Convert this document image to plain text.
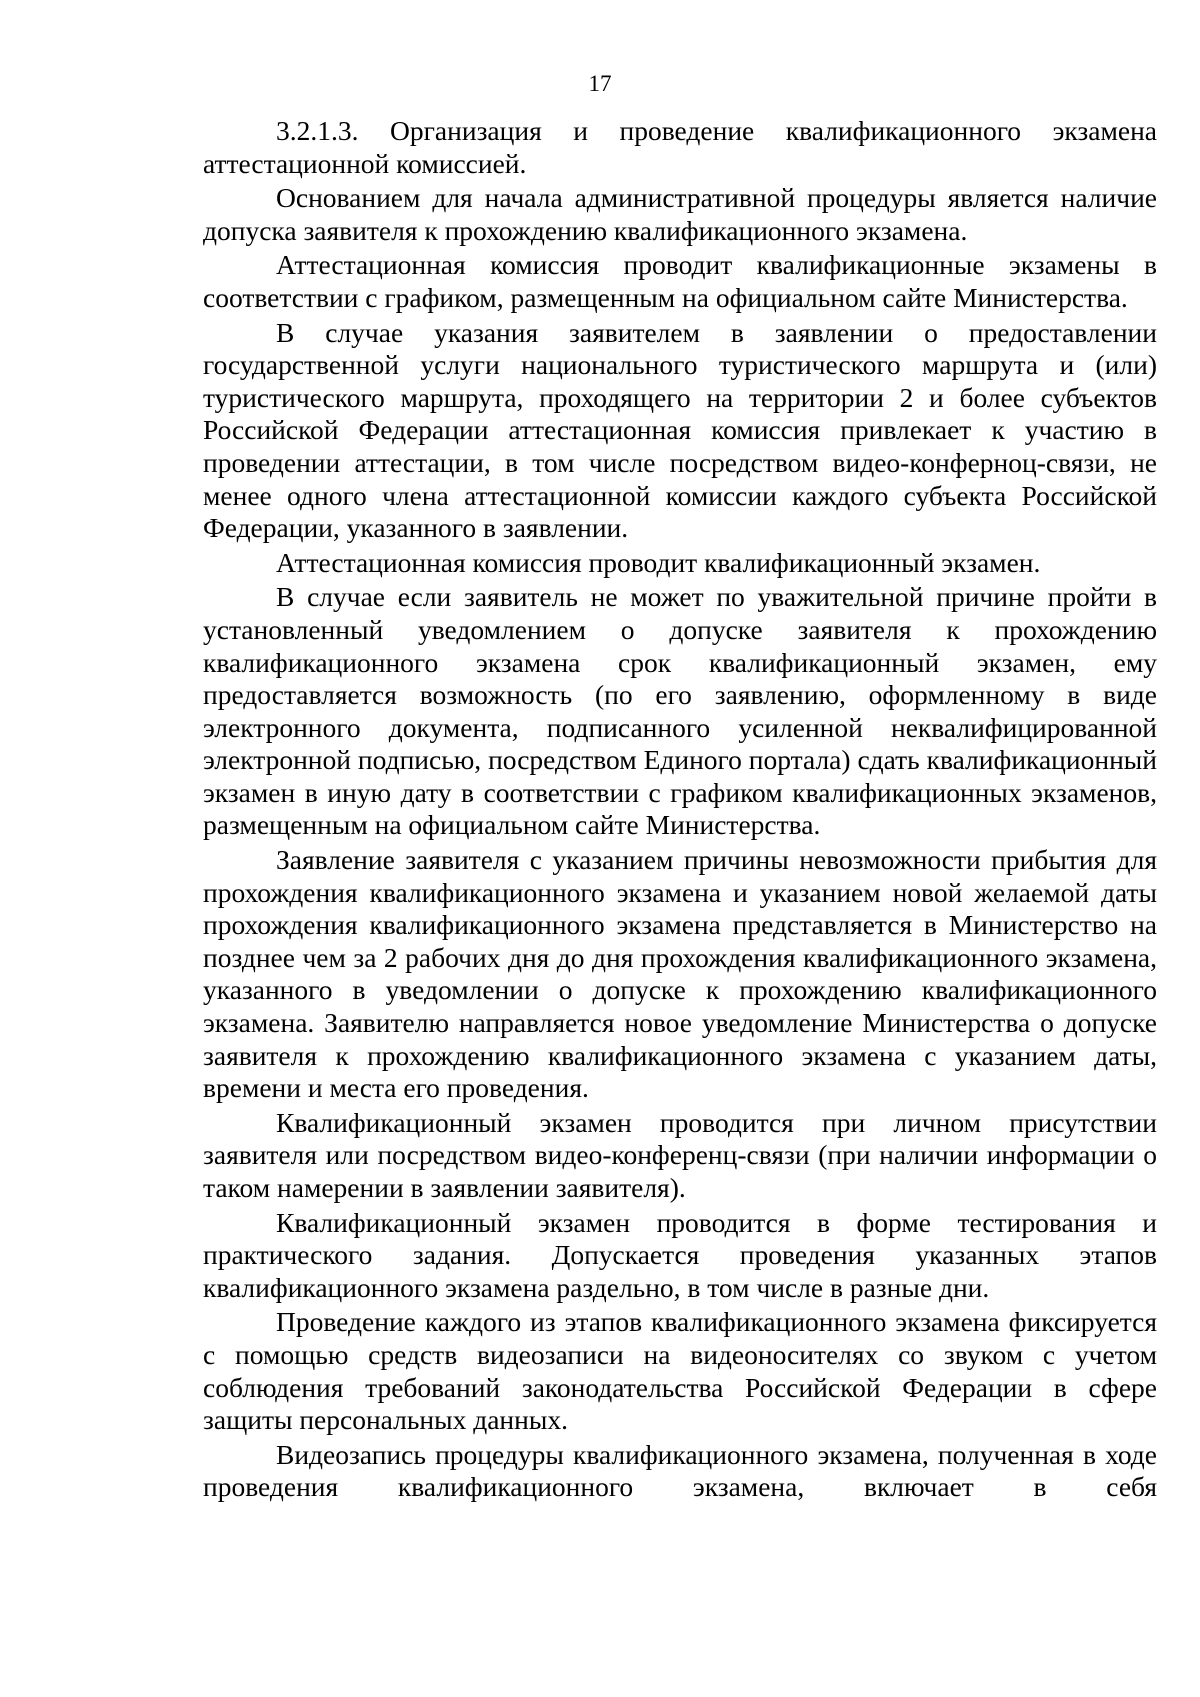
17

3.2.1.3. Организация и проведение квалификационного экзамена аттестационной комиссией.

Основанием для начала административной процедуры является наличие допуска заявителя к прохождению квалификационного экзамена.

Аттестационная комиссия проводит квалификационные экзамены в соответствии с графиком, размещенным на официальном сайте Министерства.

В случае указания заявителем в заявлении о предоставлении государственной услуги национального туристического маршрута и (или) туристического маршрута, проходящего на территории 2 и более субъектов Российской Федерации аттестационная комиссия привлекает к участию в проведении аттестации, в том числе посредством видео-конферноц-связи, не менее одного члена аттестационной комиссии каждого субъекта Российской Федерации, указанного в заявлении.

Аттестационная комиссия проводит квалификационный экзамен.

В случае если заявитель не может по уважительной причине пройти в установленный уведомлением о допуске заявителя к прохождению квалификационного экзамена срок квалификационный экзамен, ему предоставляется возможность (по его заявлению, оформленному в виде электронного документа, подписанного усиленной неквалифицированной электронной подписью, посредством Единого портала) сдать квалификационный экзамен в иную дату в соответствии с графиком квалификационных экзаменов, размещенным на официальном сайте Министерства.

Заявление заявителя с указанием причины невозможности прибытия для прохождения квалификационного экзамена и указанием новой желаемой даты прохождения квалификационного экзамена представляется в Министерство на позднее чем за 2 рабочих дня до дня прохождения квалификационного экзамена, указанного в уведомлении о допуске к прохождению квалификационного экзамена. Заявителю направляется новое уведомление Министерства о допуске заявителя к прохождению квалификационного экзамена с указанием даты, времени и места его проведения.

Квалификационный экзамен проводится при личном присутствии заявителя или посредством видео-конференц-связи (при наличии информации о таком намерении в заявлении заявителя).

Квалификационный экзамен проводится в форме тестирования и практического задания. Допускается проведения указанных этапов квалификационного экзамена раздельно, в том числе в разные дни.

Проведение каждого из этапов квалификационного экзамена фиксируется с помощью средств видеозаписи на видеоносителях со звуком с учетом соблюдения требований законодательства Российской Федерации в сфере защиты персональных данных.

Видеозапись процедуры квалификационного экзамена, полученная в ходе проведения квалификационного экзамена, включает в себя
